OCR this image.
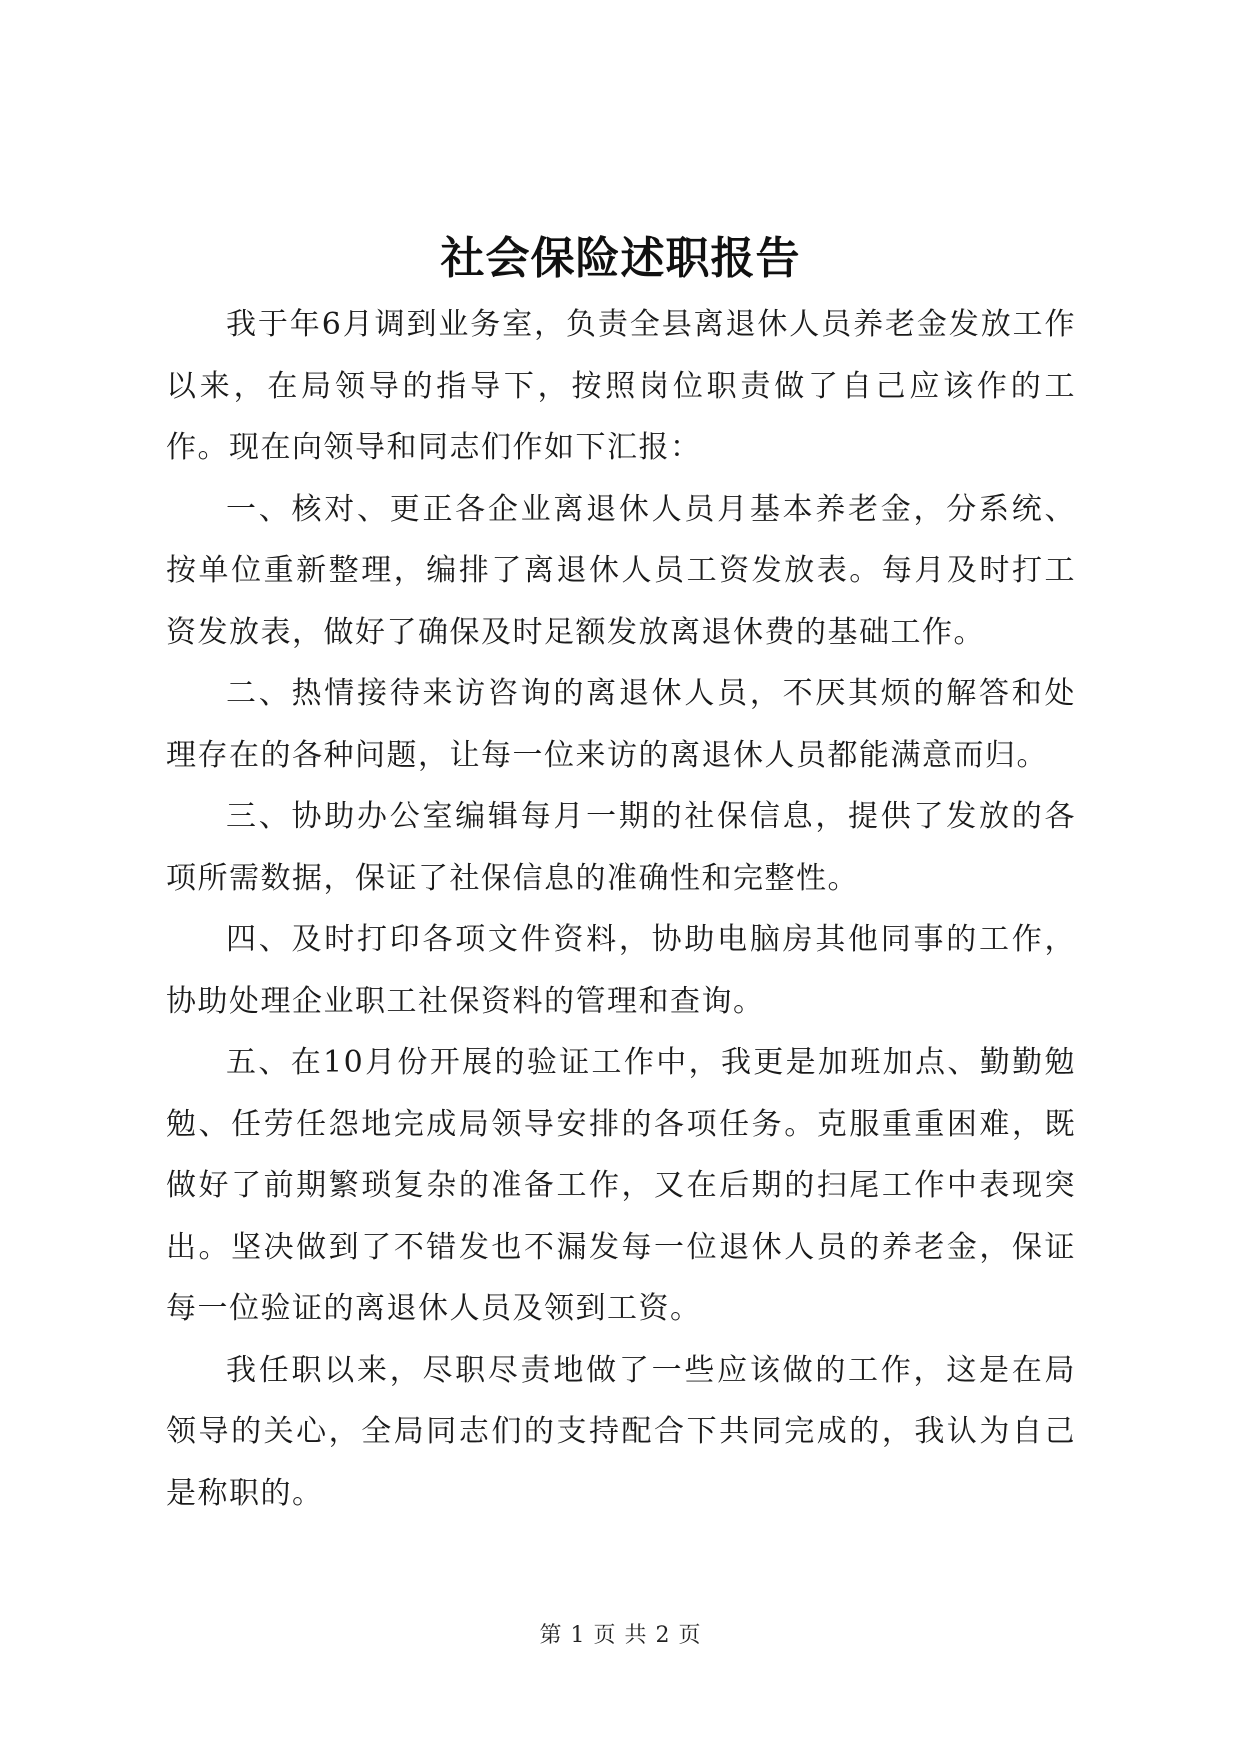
社会保险述职报告

我于年6月调到业务室，负责全县离退休人员养老金发放工作以来，在局领导的指导下，按照岗位职责做了自己应该作的工作。现在向领导和同志们作如下汇报：

一、核对、更正各企业离退休人员月基本养老金，分系统、按单位重新整理，编排了离退休人员工资发放表。每月及时打工资发放表，做好了确保及时足额发放离退休费的基础工作。

二、热情接待来访咨询的离退休人员，不厌其烦的解答和处理存在的各种问题，让每一位来访的离退休人员都能满意而归。

三、协助办公室编辑每月一期的社保信息，提供了发放的各项所需数据，保证了社保信息的准确性和完整性。

四、及时打印各项文件资料，协助电脑房其他同事的工作，协助处理企业职工社保资料的管理和查询。

五、在10月份开展的验证工作中，我更是加班加点、勤勤勉勉、任劳任怨地完成局领导安排的各项任务。克服重重困难，既做好了前期繁琐复杂的准备工作，又在后期的扫尾工作中表现突出。坚决做到了不错发也不漏发每一位退休人员的养老金，保证每一位验证的离退休人员及领到工资。

我任职以来，尽职尽责地做了一些应该做的工作，这是在局领导的关心，全局同志们的支持配合下共同完成的，我认为自己是称职的。

第 1 页 共 2 页
